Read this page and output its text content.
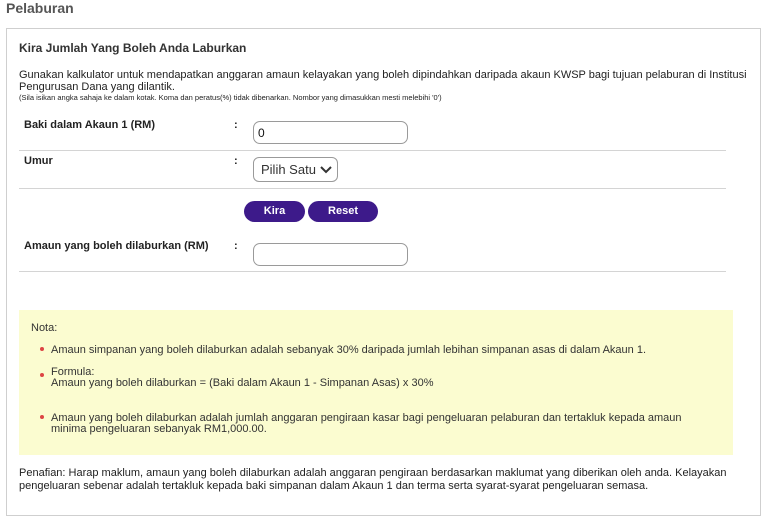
Pelaburan
Kira Jumlah Yang Boleh Anda Laburkan
Gunakan kalkulator untuk mendapatkan anggaran amaun kelayakan yang boleh dipindahkan daripada akaun KWSP bagi tujuan pelaburan di Institusi Pengurusan Dana yang dilantik.
(Sila isikan angka sahaja ke dalam kotak. Koma dan peratus(%) tidak dibenarkan. Nombor yang dimasukkan mesti melebihi '0')
Baki dalam Akaun 1 (RM)	:
0
Umur	:
Pilih Satu
Kira	Reset
Amaun yang boleh dilaburkan (RM) :
Nota:
Amaun simpanan yang boleh dilaburkan adalah sebanyak 30% daripada jumlah lebihan simpanan asas di dalam Akaun 1.
Formula:
Amaun yang boleh dilaburkan = (Baki dalam Akaun 1 - Simpanan Asas) x 30%
Amaun yang boleh dilaburkan adalah jumlah anggaran pengiraan kasar bagi pengeluaran pelaburan dan tertakluk kepada amaun minima pengeluaran sebanyak RM1,000.00.
Penafian: Harap maklum, amaun yang boleh dilaburkan adalah anggaran pengiraan berdasarkan maklumat yang diberikan oleh anda. Kelayakan pengeluaran sebenar adalah tertakluk kepada baki simpanan dalam Akaun 1 dan terma serta syarat-syarat pengeluaran semasa.
